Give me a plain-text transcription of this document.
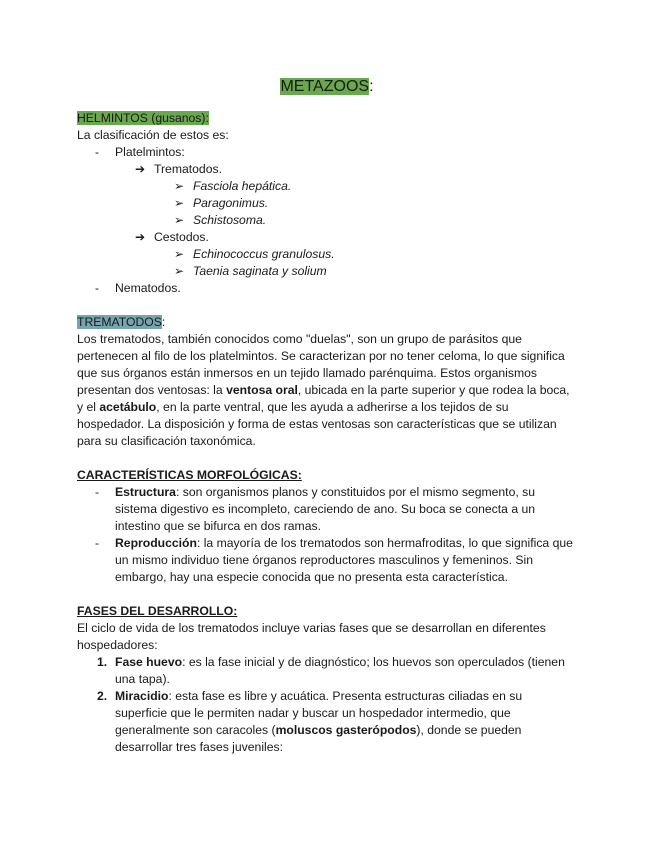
METAZOOS:
HELMINTOS (gusanos):
La clasificación de estos es:
- Platelmintos:
➔ Trematodos.
➢ Fasciola hepática.
➢ Paragonimus.
➢ Schistosoma.
➔ Cestodos.
➢ Echinococcus granulosus.
➢ Taenia saginata y solium
- Nematodos.
TREMATODOS:

Los trematodos, también conocidos como "duelas", son un grupo de parásitos que pertenecen al filo de los platelmintos. Se caracterizan por no tener celoma, lo que significa que sus órganos están inmersos en un tejido llamado parénquima. Estos organismos presentan dos ventosas: la ventosa oral, ubicada en la parte superior y que rodea la boca, y el acetábulo, en la parte ventral, que les ayuda a adherirse a los tejidos de su hospedador. La disposición y forma de estas ventosas son características que se utilizan para su clasificación taxonómica.

CARACTERÍSTICAS MORFOLÓGICAS:
- Estructura: son organismos planos y constituidos por el mismo segmento, su sistema digestivo es incompleto, careciendo de ano. Su boca se conecta a un intestino que se bifurca en dos ramas.
- Reproducción: la mayoría de los trematodos son hermafroditas, lo que significa que un mismo individuo tiene órganos reproductores masculinos y femeninos. Sin embargo, hay una especie conocida que no presenta esta característica.
FASES DEL DESARROLLO:

El ciclo de vida de los trematodos incluye varias fases que se desarrollan en diferentes hospedadores:

1. Fase huevo: es la fase inicial y de diagnóstico; los huevos son operculados (tienen una tapa).
2. Miracidio: esta fase es libre y acuática. Presenta estructuras ciliadas en su superficie que le permiten nadar y buscar un hospedador intermedio, que generalmente son caracoles (moluscos gasterópodos), donde se pueden desarrollar tres fases juveniles:
